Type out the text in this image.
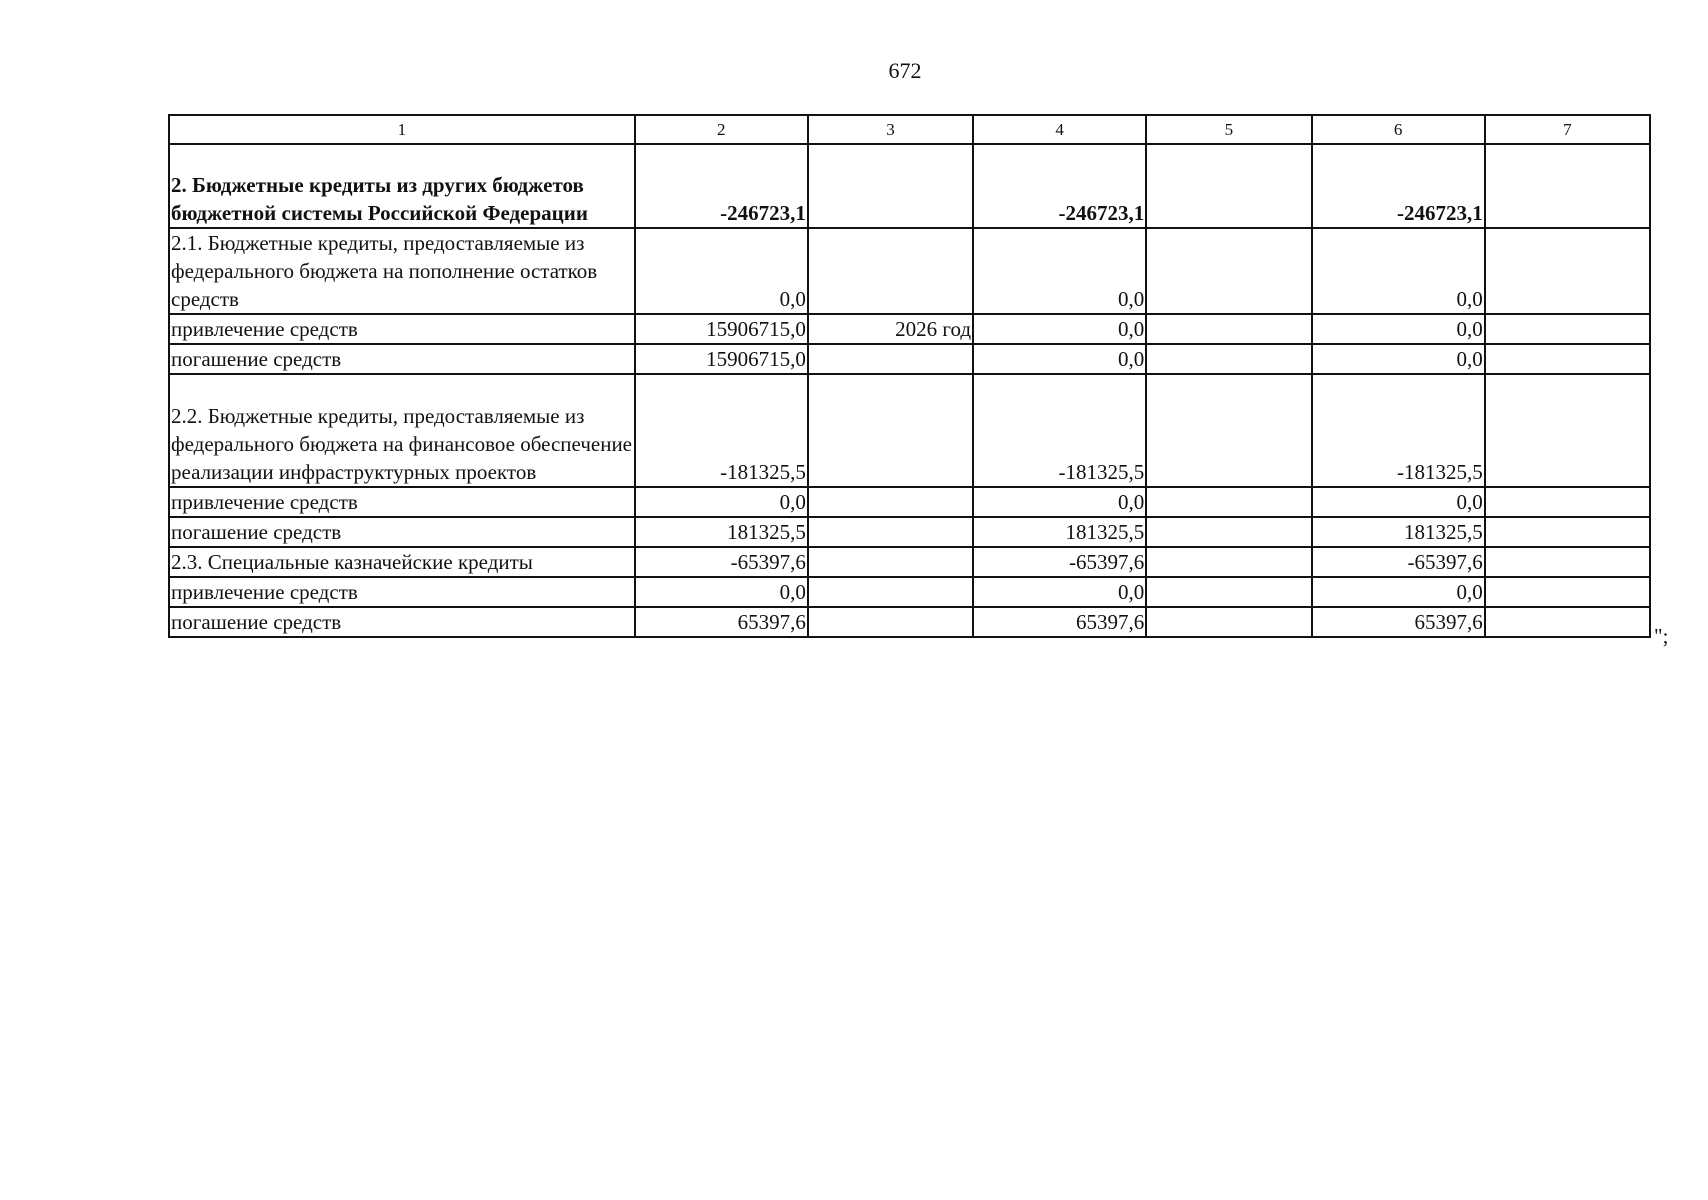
672
1	2	3	4	5	6	7
2. Бюджетные кредиты из других бюджетов бюджетной системы Российской Федерации	-246723,1		-246723,1		-246723,1	
2.1. Бюджетные кредиты, предоставляемые из федерального бюджета на пополнение остатков средств	0,0		0,0		0,0	
привлечение средств	15906715,0	2026 год	0,0		0,0	
погашение средств	15906715,0		0,0		0,0	
2.2. Бюджетные кредиты, предоставляемые из федерального бюджета на финансовое обеспечение реализации инфраструктурных проектов	-181325,5		-181325,5		-181325,5	
привлечение средств	0,0		0,0		0,0	
погашение средств	181325,5		181325,5		181325,5	
2.3. Специальные казначейские кредиты	-65397,6		-65397,6		-65397,6	
привлечение средств	0,0		0,0		0,0	
погашение средств	65397,6		65397,6		65397,6	
";
